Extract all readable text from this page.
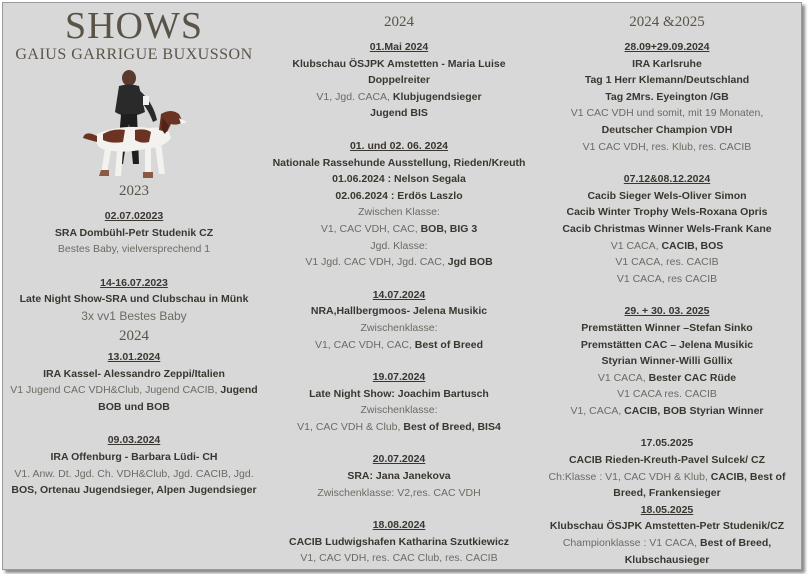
SHOWS
GAIUS GARRIGUE BUXUSSON
2023
02.07.02023
SRA Dombühl-Petr Studenik CZ
Bestes Baby, vielversprechend 1
14-16.07.2023
Late Night Show-SRA und Clubschau in Münk
3x vv1 Bestes Baby
2024
13.01.2024
IRA Kassel- Alessandro Zeppi/Italien
V1 Jugend CAC VDH&Club, Jugend CACIB, Jugend
BOB und BOB
09.03.2024
IRA Offenburg - Barbara Lüdi- CH
V1. Anw. Dt. Jgd. Ch. VDH&Club, Jgd. CACIB, Jgd.
BOS, Ortenau Jugendsieger, Alpen Jugendsieger
2024
01.Mai 2024
Klubschau ÖSJPK Amstetten - Maria Luise
Doppelreiter
V1, Jgd. CACA, Klubjugendsieger
Jugend BIS
01. und 02. 06. 2024
Nationale Rassehunde Ausstellung, Rieden/Kreuth
01.06.2024 : Nelson Segala
02.06.2024 : Erdös Laszlo
Zwischen Klasse:
V1, CAC VDH, CAC, BOB, BIG 3
Jgd. Klasse:
V1 Jgd. CAC VDH, Jgd. CAC, Jgd BOB
14.07.2024
NRA,Hallbergmoos- Jelena Musikic
Zwischenklasse:
V1, CAC VDH, CAC, Best of Breed
19.07.2024
Late Night Show: Joachim Bartusch
Zwischenklasse:
V1, CAC VDH & Club, Best of Breed, BIS4
20.07.2024
SRA: Jana Janekova
Zwischenklasse: V2,res. CAC VDH
18.08.2024
CACIB Ludwigshafen Katharina Szutkiewicz
V1, CAC VDH, res. CAC Club, res. CACIB
2024 &2025
28.09+29.09.2024
IRA Karlsruhe
Tag 1 Herr Klemann/Deutschland
Tag 2Mrs. Eyeington /GB
V1 CAC VDH und somit, mit 19 Monaten,
Deutscher Champion VDH
V1 CAC VDH, res. Klub, res. CACIB
07.12&08.12.2024
Cacib Sieger Wels-Oliver Simon
Cacib Winter Trophy Wels-Roxana Opris
Cacib Christmas Winner Wels-Frank Kane
V1 CACA, CACIB, BOS
V1 CACA, res. CACIB
V1 CACA, res CACIB
29. + 30. 03. 2025
Premstätten Winner –Stefan Sinko
Premstätten CAC – Jelena Musikic
Styrian Winner-Willi Güllix
V1 CACA, Bester CAC Rüde
V1 CACA res. CACIB
V1, CACA, CACIB, BOB Styrian Winner
17.05.2025
CACIB Rieden-Kreuth-Pavel Sulcek/ CZ
Ch:Klasse : V1, CAC VDH & Klub, CACIB, Best of
Breed, Frankensieger
18.05.2025
Klubschau ÖSJPK Amstetten-Petr Studenik/CZ
Championklasse : V1 CACA, Best of Breed,
Klubschausieger
